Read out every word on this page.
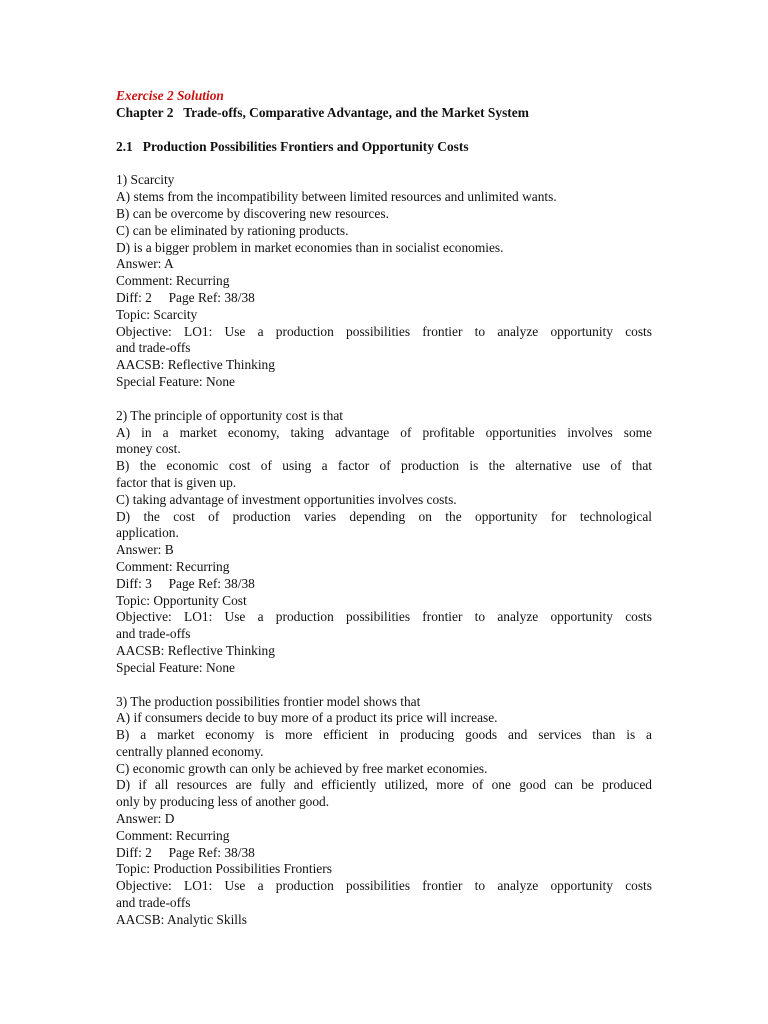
Exercise 2 Solution

Chapter 2   Trade-offs, Comparative Advantage, and the Market System

2.1   Production Possibilities Frontiers and Opportunity Costs

1) Scarcity

A) stems from the incompatibility between limited resources and unlimited wants.

B) can be overcome by discovering new resources.

C) can be eliminated by rationing products.

D) is a bigger problem in market economies than in socialist economies.

Answer: A

Comment: Recurring

Diff: 2     Page Ref: 38/38

Topic: Scarcity

Objective: LO1: Use a production possibilities frontier to analyze opportunity costs

and trade-offs

AACSB: Reflective Thinking

Special Feature: None

2) The principle of opportunity cost is that

A) in a market economy, taking advantage of profitable opportunities involves some

money cost.

B) the economic cost of using a factor of production is the alternative use of that

factor that is given up.

C) taking advantage of investment opportunities involves costs.

D) the cost of production varies depending on the opportunity for technological

application.

Answer: B

Comment: Recurring

Diff: 3     Page Ref: 38/38

Topic: Opportunity Cost

Objective: LO1: Use a production possibilities frontier to analyze opportunity costs

and trade-offs

AACSB: Reflective Thinking

Special Feature: None

3) The production possibilities frontier model shows that

A) if consumers decide to buy more of a product its price will increase.

B) a market economy is more efficient in producing goods and services than is a

centrally planned economy.

C) economic growth can only be achieved by free market economies.

D) if all resources are fully and efficiently utilized, more of one good can be produced

only by producing less of another good.

Answer: D

Comment: Recurring

Diff: 2     Page Ref: 38/38

Topic: Production Possibilities Frontiers

Objective: LO1: Use a production possibilities frontier to analyze opportunity costs

and trade-offs

AACSB: Analytic Skills
